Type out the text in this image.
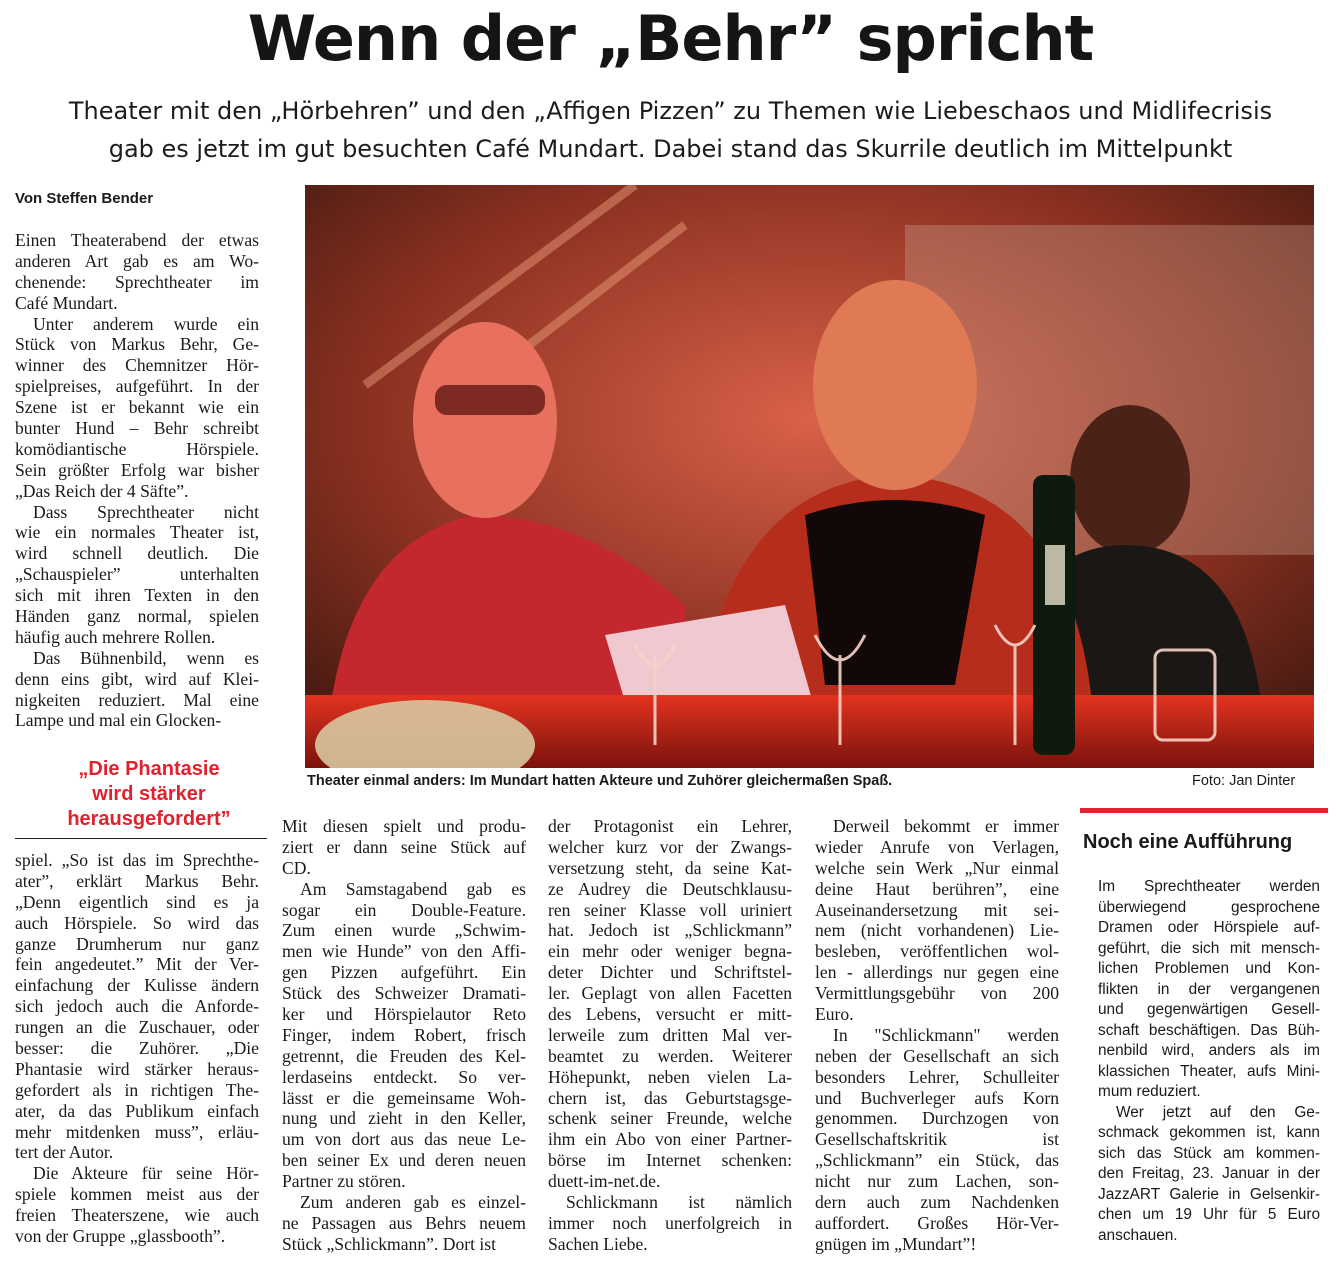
Wenn der „Behr” spricht
Theater mit den „Hörbehren” und den „Affigen Pizzen” zu Themen wie Liebeschaos und Midlifecrisis
gab es jetzt im gut besuchten Café Mundart. Dabei stand das Skurrile deutlich im Mittelpunkt
Von Steffen Bender
Theater einmal anders: Im Mundart hatten Akteure und Zuhörer gleichermaßen Spaß.	Foto: Jan Dinter
Einen Theaterabend der etwas
anderen Art gab es am Wo-
chenende: Sprechtheater im
Café Mundart.
Unter anderem wurde ein
Stück von Markus Behr, Ge-
winner des Chemnitzer Hör-
spielpreises, aufgeführt. In der
Szene ist er bekannt wie ein
bunter Hund – Behr schreibt
komödiantische Hörspiele.
Sein größter Erfolg war bisher
„Das Reich der 4 Säfte”.
Dass Sprechtheater nicht
wie ein normales Theater ist,
wird schnell deutlich. Die
„Schauspieler” unterhalten
sich mit ihren Texten in den
Händen ganz normal, spielen
häufig auch mehrere Rollen.
Das Bühnenbild, wenn es
denn eins gibt, wird auf Klei-
nigkeiten reduziert. Mal eine
Lampe und mal ein Glocken-
„Die Phantasie
wird stärker
herausgefordert”
spiel. „So ist das im Sprechthe-
ater”, erklärt Markus Behr.
„Denn eigentlich sind es ja
auch Hörspiele. So wird das
ganze Drumherum nur ganz
fein angedeutet.” Mit der Ver-
einfachung der Kulisse ändern
sich jedoch auch die Anforde-
rungen an die Zuschauer, oder
besser: die Zuhörer. „Die
Phantasie wird stärker heraus-
gefordert als in richtigen The-
ater, da das Publikum einfach
mehr mitdenken muss”, erläu-
tert der Autor.
Die Akteure für seine Hör-
spiele kommen meist aus der
freien Theaterszene, wie auch
von der Gruppe „glassbooth”.
Mit diesen spielt und produ-
ziert er dann seine Stück auf
CD.
Am Samstagabend gab es
sogar ein Double-Feature.
Zum einen wurde „Schwim-
men wie Hunde” von den Affi-
gen Pizzen aufgeführt. Ein
Stück des Schweizer Dramati-
ker und Hörspielautor Reto
Finger, indem Robert, frisch
getrennt, die Freuden des Kel-
lerdaseins entdeckt. So ver-
lässt er die gemeinsame Woh-
nung und zieht in den Keller,
um von dort aus das neue Le-
ben seiner Ex und deren neuen
Partner zu stören.
Zum anderen gab es einzel-
ne Passagen aus Behrs neuem
Stück „Schlickmann”. Dort ist
der Protagonist ein Lehrer,
welcher kurz vor der Zwangs-
versetzung steht, da seine Kat-
ze Audrey die Deutschklausu-
ren seiner Klasse voll uriniert
hat. Jedoch ist „Schlickmann”
ein mehr oder weniger begna-
deter Dichter und Schriftstel-
ler. Geplagt von allen Facetten
des Lebens, versucht er mitt-
lerweile zum dritten Mal ver-
beamtet zu werden. Weiterer
Höhepunkt, neben vielen La-
chern ist, das Geburtstagsge-
schenk seiner Freunde, welche
ihm ein Abo von einer Partner-
börse im Internet schenken:
duett-im-net.de.
Schlickmann ist nämlich
immer noch unerfolgreich in
Sachen Liebe.
Derweil bekommt er immer
wieder Anrufe von Verlagen,
welche sein Werk „Nur einmal
deine Haut berühren”, eine
Auseinandersetzung mit sei-
nem (nicht vorhandenen) Lie-
besleben, veröffentlichen wol-
len - allerdings nur gegen eine
Vermittlungsgebühr von 200
Euro.
In "Schlickmann" werden
neben der Gesellschaft an sich
besonders Lehrer, Schulleiter
und Buchverleger aufs Korn
genommen. Durchzogen von
Gesellschaftskritik ist
„Schlickmann” ein Stück, das
nicht nur zum Lachen, son-
dern auch zum Nachdenken
auffordert. Großes Hör-Ver-
gnügen im „Mundart”!
Noch eine Aufführung
Im Sprechtheater werden
überwiegend gesprochene
Dramen oder Hörspiele auf-
geführt, die sich mit mensch-
lichen Problemen und Kon-
flikten in der vergangenen
und gegenwärtigen Gesell-
schaft beschäftigen. Das Büh-
nenbild wird, anders als im
klassichen Theater, aufs Mini-
mum reduziert.
Wer jetzt auf den Ge-
schmack gekommen ist, kann
sich das Stück am kommen-
den Freitag, 23. Januar in der
JazzART Galerie in Gelsenkir-
chen um 19 Uhr für 5 Euro
anschauen.
